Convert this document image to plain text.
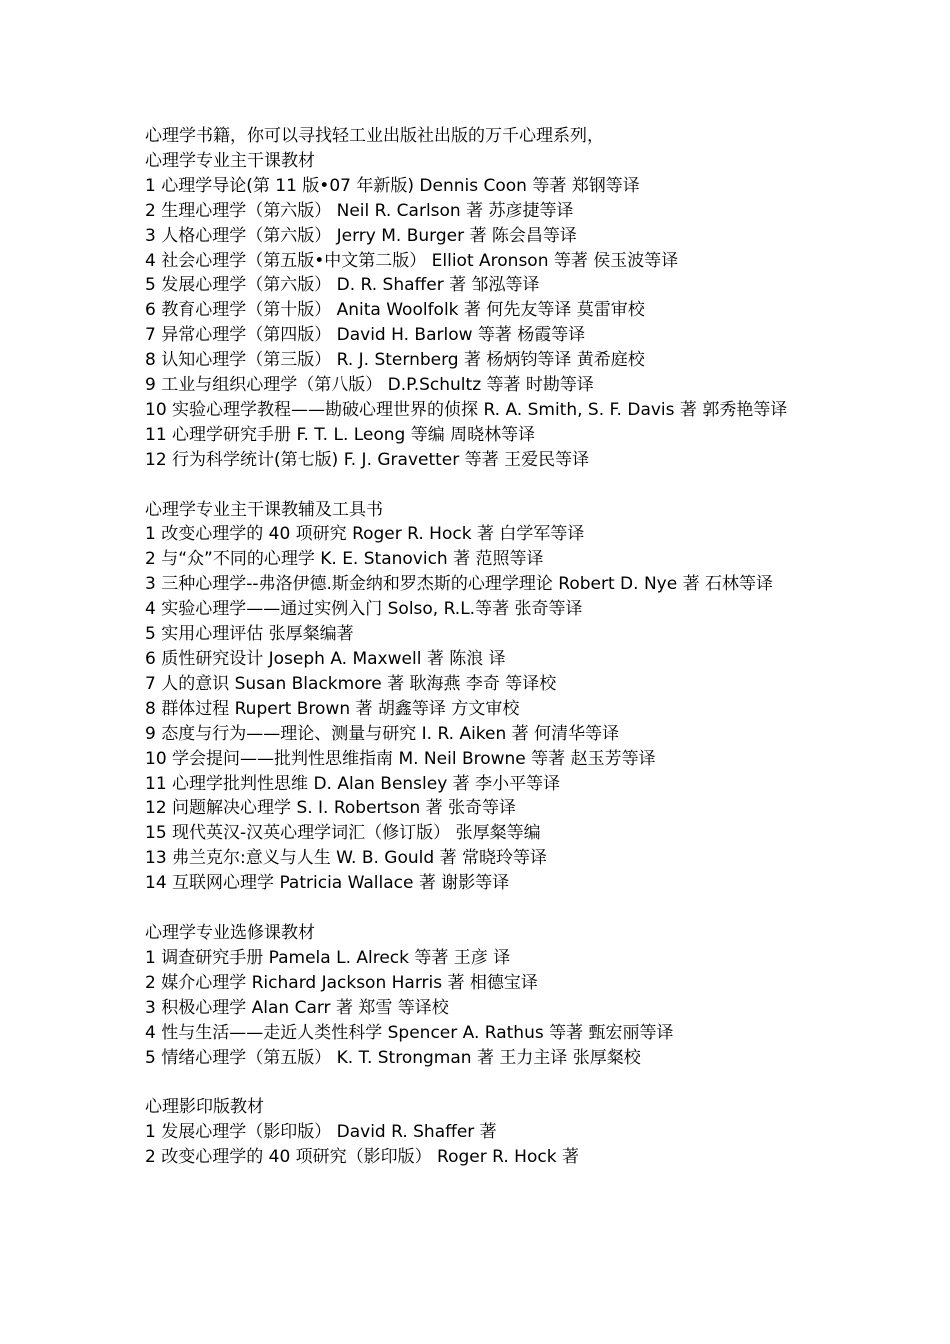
心理学书籍，你可以寻找轻工业出版社出版的万千心理系列，

心理学专业主干课教材

1 心理学导论(第 11 版•07 年新版) Dennis Coon 等著 郑钢等译

2 生理心理学（第六版） Neil R. Carlson 著 苏彦捷等译

3 人格心理学（第六版） Jerry M. Burger 著 陈会昌等译

4 社会心理学（第五版•中文第二版） Elliot Aronson 等著 侯玉波等译

5 发展心理学（第六版） D. R. Shaffer 著 邹泓等译

6 教育心理学（第十版） Anita Woolfolk 著 何先友等译 莫雷审校

7 异常心理学（第四版） David H. Barlow 等著 杨霞等译

8 认知心理学（第三版） R. J. Sternberg 著 杨炳钧等译 黄希庭校

9 工业与组织心理学（第八版） D.P.Schultz 等著 时勘等译

10 实验心理学教程——勘破心理世界的侦探 R. A. Smith, S. F. Davis 著 郭秀艳等译

11 心理学研究手册 F. T. L. Leong 等编 周晓林等译

12 行为科学统计(第七版) F. J. Gravetter 等著 王爱民等译

心理学专业主干课教辅及工具书

1 改变心理学的 40 项研究 Roger R. Hock 著 白学军等译

2 与“众”不同的心理学 K. E. Stanovich 著 范照等译

3 三种心理学--弗洛伊德.斯金纳和罗杰斯的心理学理论 Robert D. Nye 著 石林等译

4 实验心理学——通过实例入门 Solso, R.L.等著 张奇等译

5 实用心理评估 张厚粲编著

6 质性研究设计 Joseph A. Maxwell 著 陈浪 译

7 人的意识 Susan Blackmore 著 耿海燕 李奇 等译校

8 群体过程 Rupert Brown 著 胡鑫等译 方文审校

9 态度与行为——理论、测量与研究 I. R. Aiken 著 何清华等译

10 学会提问——批判性思维指南 M. Neil Browne 等著 赵玉芳等译

11 心理学批判性思维 D. Alan Bensley 著 李小平等译

12 问题解决心理学 S. I. Robertson 著 张奇等译

15 现代英汉-汉英心理学词汇（修订版） 张厚粲等编

13 弗兰克尔:意义与人生 W. B. Gould 著 常晓玲等译

14 互联网心理学 Patricia Wallace 著 谢影等译

心理学专业选修课教材

1 调查研究手册 Pamela L. Alreck 等著 王彦 译

2 媒介心理学 Richard Jackson Harris 著 相德宝译

3 积极心理学 Alan Carr 著 郑雪 等译校

4 性与生活——走近人类性科学 Spencer A. Rathus 等著 甄宏丽等译

5 情绪心理学（第五版） K. T. Strongman 著 王力主译 张厚粲校

心理影印版教材

1 发展心理学（影印版） David R. Shaffer 著

2 改变心理学的 40 项研究（影印版） Roger R. Hock 著
